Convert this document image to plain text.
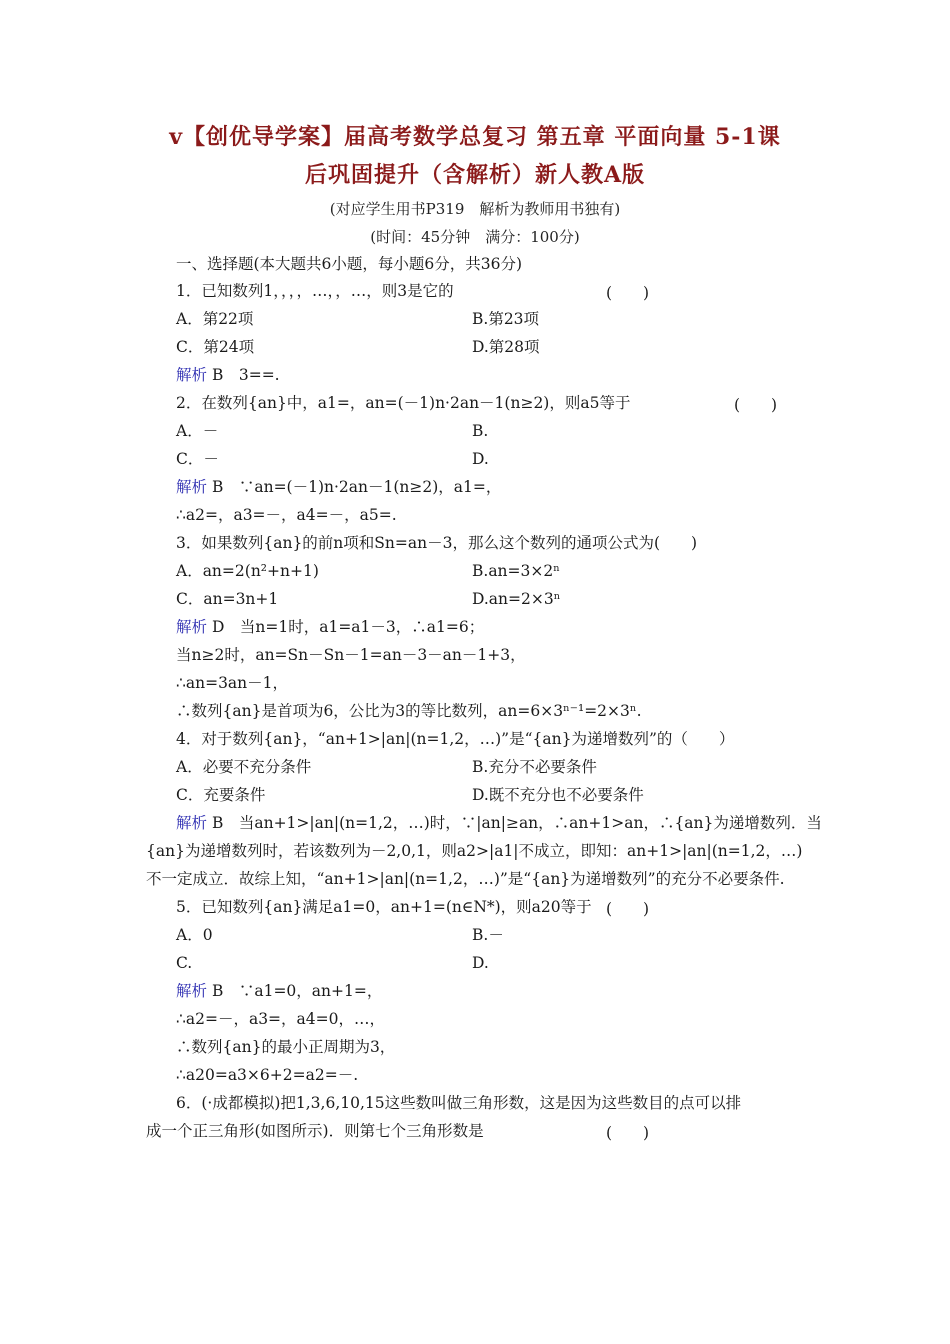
v【创优导学案】届高考数学总复习 第五章 平面向量 5-1课
后巩固提升（含解析）新人教A版
(对应学生用书P319　解析为教师用书独有)
(时间：45分钟　满分：100分)
一、选择题(本大题共6小题，每小题6分，共36分)
1．已知数列1，，，，…，，…，则3是它的	(　　)
A．第22项	B.第23项
C．第24项	D.第28项
解析 B　3==.
2．在数列{an}中，a1=，an=(－1)n·2an－1(n≥2)，则a5等于	(　　)
A．－	B.
C．－	D.
解析 B　∵an=(－1)n·2an－1(n≥2)，a1=，
∴a2=，a3=－，a4=－，a5=.
3．如果数列{an}的前n项和Sn=an－3，那么这个数列的通项公式为(　　)
A．an=2(n²+n+1)	B.an=3×2ⁿ
C．an=3n+1	D.an=2×3ⁿ
解析 D　当n=1时，a1=a1－3，∴a1=6；
当n≥2时，an=Sn－Sn－1=an－3－an－1+3，
∴an=3an－1，
∴数列{an}是首项为6，公比为3的等比数列，an=6×3ⁿ⁻¹=2×3ⁿ.
4．对于数列{an}，“an+1>|an|(n=1,2，…)”是“{an}为递增数列”的（　　）
A．必要不充分条件	B.充分不必要条件
C．充要条件	D.既不充分也不必要条件
解析 B　当an+1>|an|(n=1,2，…)时，∵|an|≥an，∴an+1>an，∴{an}为递增数列．当
{an}为递增数列时，若该数列为－2,0,1，则a2>|a1|不成立，即知：an+1>|an|(n=1,2，…)
不一定成立．故综上知，“an+1>|an|(n=1,2，…)”是“{an}为递增数列”的充分不必要条件.
5．已知数列{an}满足a1=0，an+1=(n∈N*)，则a20等于 (　　)
A．0	B.－
C.	D.
解析 B　∵a1=0，an+1=，
∴a2=－，a3=，a4=0，…，
∴数列{an}的最小正周期为3，
∴a20=a3×6+2=a2=－.
6．(·成都模拟)把1,3,6,10,15这些数叫做三角形数，这是因为这些数目的点可以排
成一个正三角形(如图所示)．则第七个三角形数是	(　　)
